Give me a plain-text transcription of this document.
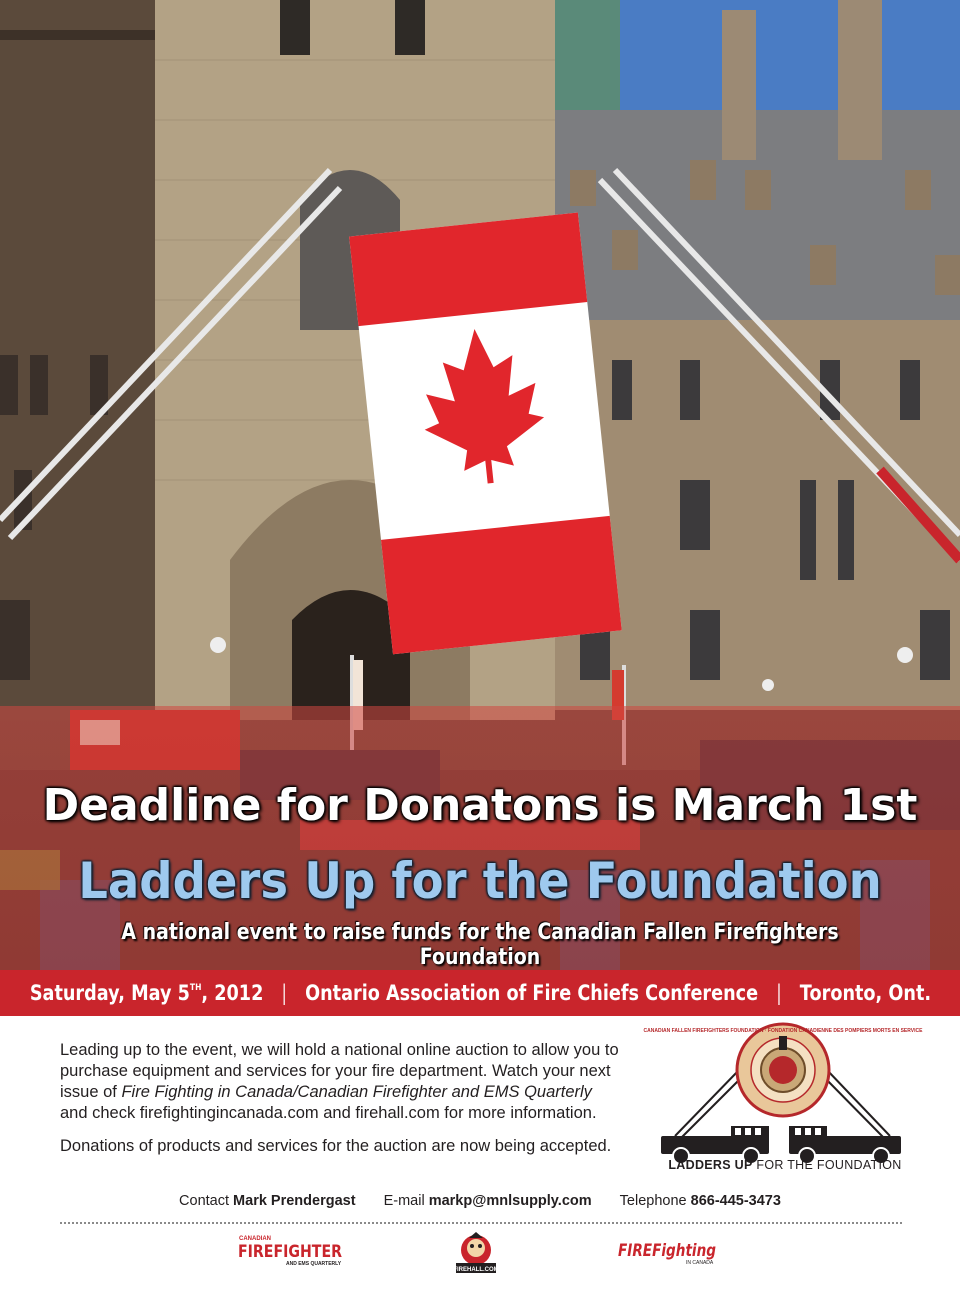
Deadline for Donatons is March 1st
Ladders Up for the Foundation
A national event to raise funds for the Canadian Fallen Firefighters Foundation
Saturday, May 5TH, 2012 | Ontario Association of Fire Chiefs Conference | Toronto, Ont.

Leading up to the event, we will hold a national online auction to allow you to purchase equipment and services for your fire department. Watch your next issue of Fire Fighting in Canada/Canadian Firefighter and EMS Quarterly and check firefightingincanada.com and firehall.com for more information.

Donations of products and services for the auction are now being accepted.

CANADIAN FALLEN FIREFIGHTERS FOUNDATION · FONDATION CANADIENNE DES POMPIERS MORTS EN SERVICE
LADDERS UP FOR THE FOUNDATION
Contact Mark Prendergast E-mail markp@mnlsupply.com Telephone 866-445-3473
CANADIAN
FIREFIGHTER
AND EMS QUARTERLY
FIREHALL.COM
FIREFighting
IN CANADA
